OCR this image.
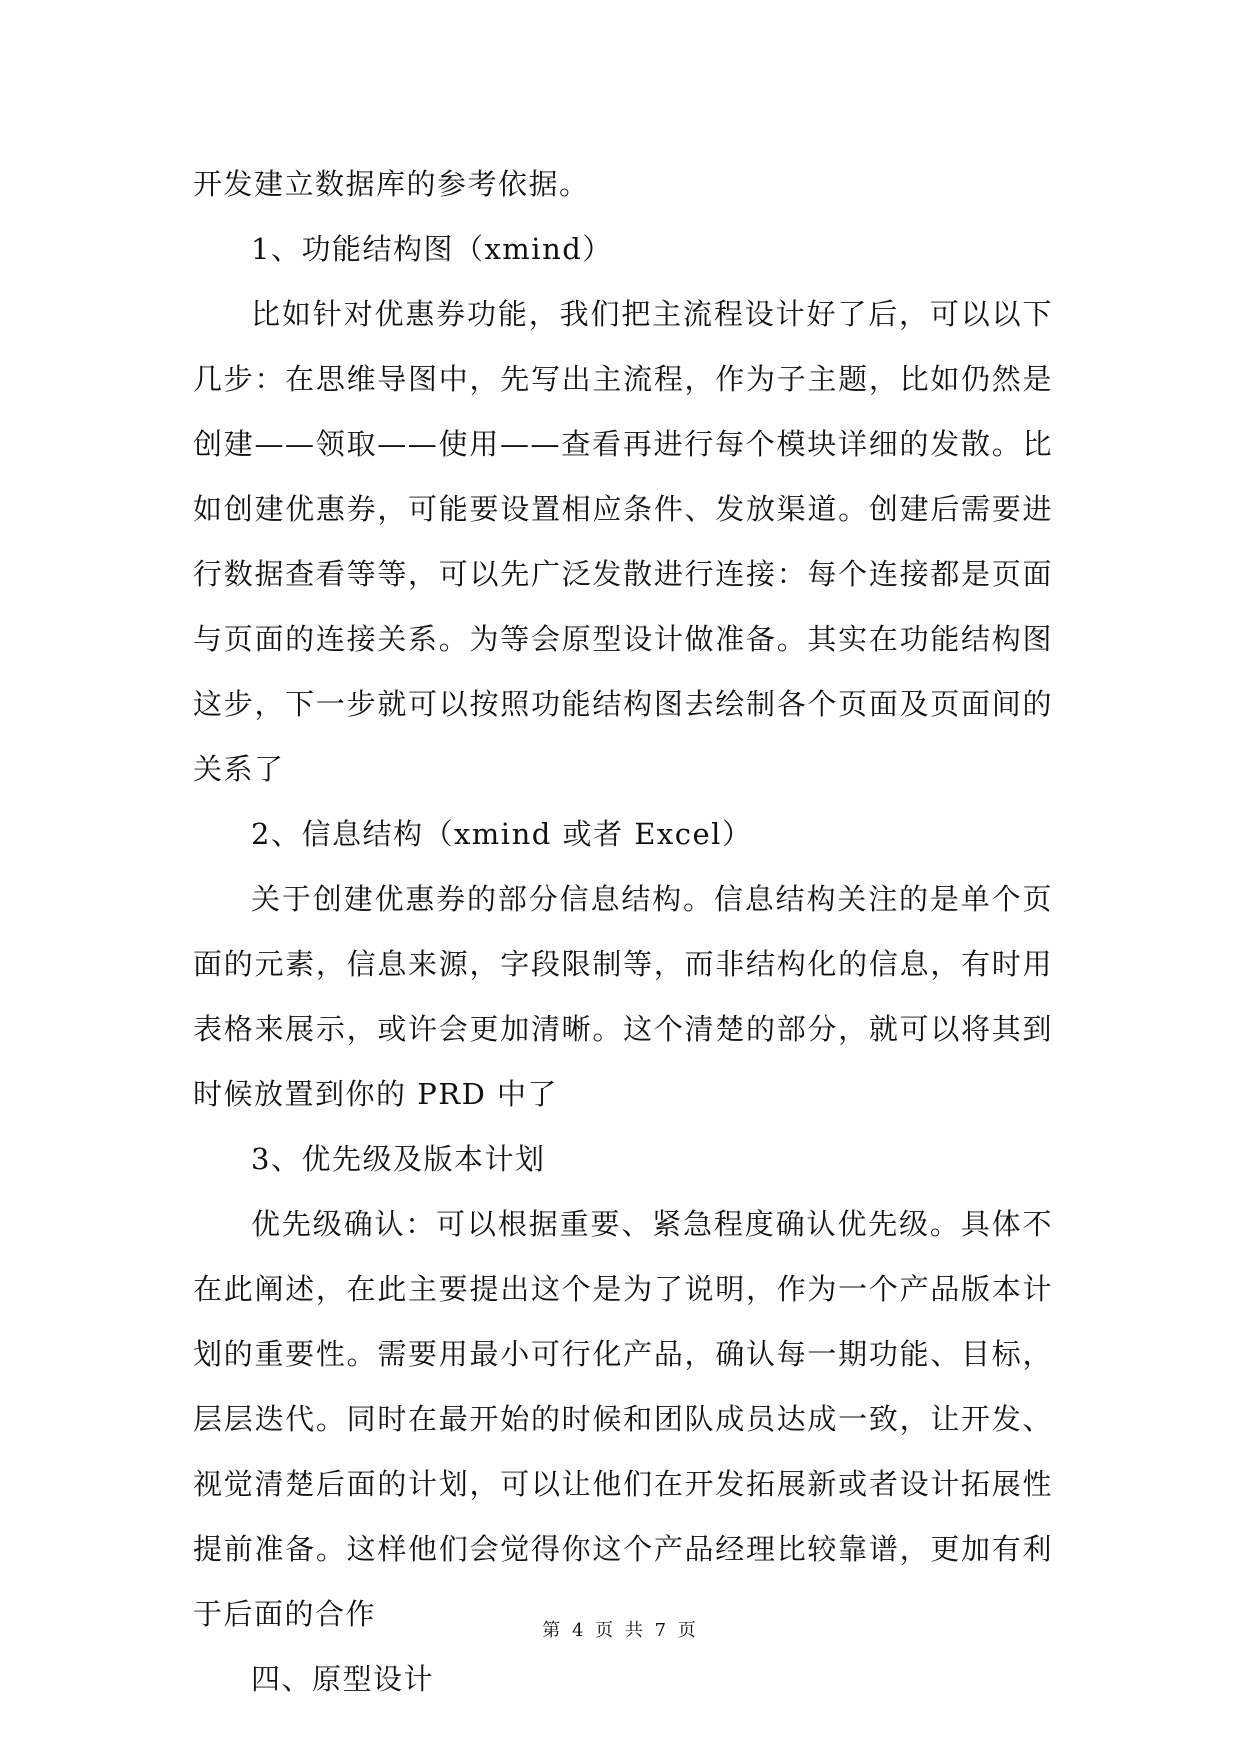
开发建立数据库的参考依据。

1、功能结构图（xmind）

比如针对优惠券功能，我们把主流程设计好了后，可以以下几步：在思维导图中，先写出主流程，作为子主题，比如仍然是创建——领取——使用——查看再进行每个模块详细的发散。比如创建优惠券，可能要设置相应条件、发放渠道。创建后需要进行数据查看等等，可以先广泛发散进行连接：每个连接都是页面与页面的连接关系。为等会原型设计做准备。其实在功能结构图这步，下一步就可以按照功能结构图去绘制各个页面及页面间的关系了

2、信息结构（xmind 或者 Excel）

关于创建优惠券的部分信息结构。信息结构关注的是单个页面的元素，信息来源，字段限制等，而非结构化的信息，有时用表格来展示，或许会更加清晰。这个清楚的部分，就可以将其到时候放置到你的 PRD 中了

3、优先级及版本计划

优先级确认：可以根据重要、紧急程度确认优先级。具体不在此阐述，在此主要提出这个是为了说明，作为一个产品版本计划的重要性。需要用最小可行化产品，确认每一期功能、目标，层层迭代。同时在最开始的时候和团队成员达成一致，让开发、视觉清楚后面的计划，可以让他们在开发拓展新或者设计拓展性提前准备。这样他们会觉得你这个产品经理比较靠谱，更加有利于后面的合作

四、原型设计

第 4 页 共 7 页
